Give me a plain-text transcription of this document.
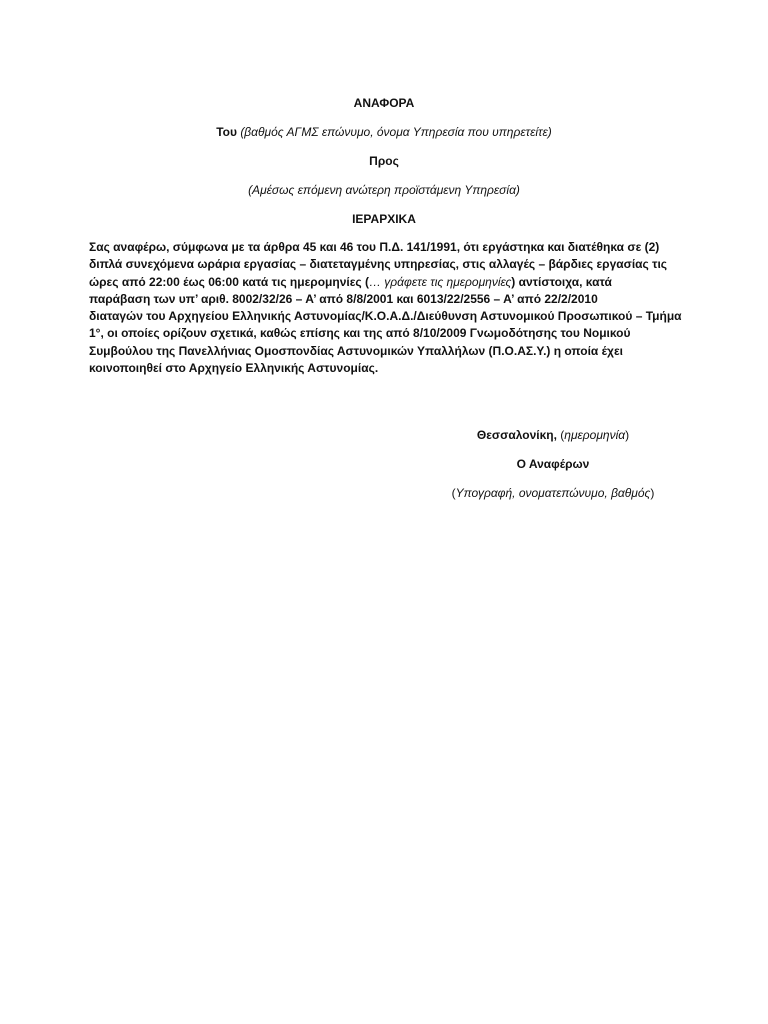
ΑΝΑΦΟΡΑ
Του (βαθμός ΑΓΜΣ επώνυμο, όνομα Υπηρεσία που υπηρετείτε)
Προς
(Αμέσως επόμενη ανώτερη προϊστάμενη Υπηρεσία)
ΙΕΡΑΡΧΙΚΑ
Σας αναφέρω, σύμφωνα με τα άρθρα 45 και 46 του Π.Δ. 141/1991, ότι εργάστηκα και διατέθηκα σε (2)
διπλά συνεχόμενα ωράρια εργασίας – διατεταγμένης υπηρεσίας, στις αλλαγές – βάρδιες εργασίας τις
ώρες από 22:00 έως 06:00 κατά τις ημερομηνίες (… γράφετε τις ημερομηνίες) αντίστοιχα, κατά
παράβαση των υπ’ αριθ. 8002/32/26 – Α’ από 8/8/2001 και 6013/22/2556 – Α’ από 22/2/2010
διαταγών του Αρχηγείου Ελληνικής Αστυνομίας/Κ.Ο.Α.Δ./Διεύθυνση Αστυνομικού Προσωπικού – Τμήμα
1°, οι οποίες ορίζουν σχετικά, καθώς επίσης και της από 8/10/2009 Γνωμοδότησης του Νομικού
Συμβούλου της Πανελλήνιας Ομοσπονδίας Αστυνομικών Υπαλλήλων (Π.Ο.ΑΣ.Υ.) η οποία έχει
κοινοποιηθεί στο Αρχηγείο Ελληνικής Αστυνομίας.
Θεσσαλονίκη, (ημερομηνία)
Ο Αναφέρων
(Υπογραφή, ονοματεπώνυμο, βαθμός)
